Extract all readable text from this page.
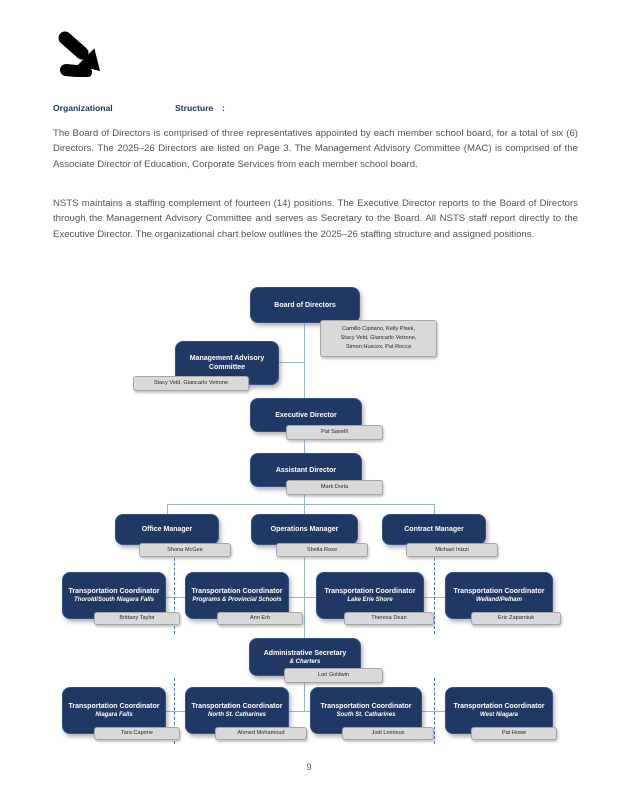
Organizational	Structure :

The Board of Directors is comprised of three representatives appointed by each member school board, for a total of six (6) Directors. The 2025–26 Directors are listed on Page 3. The Management Advisory Committee (MAC) is comprised of the Associate Director of Education, Corporate Services from each member school board.

NSTS maintains a staffing complement of fourteen (14) positions. The Executive Director reports to the Board of Directors through the Management Advisory Committee and serves as Secretary to the Board. All NSTS staff report directly to the Executive Director. The organizational chart below outlines the 2025–26 staffing structure and assigned positions.

Board of Directors
Camillo Cipriano, Kelly Pisek,
Stacy Veld, Giancarlo Vetrone,
Simon Huscox, Pat Rocca
Management Advisory Committee
Stacy Veld, Giancarlo Vetrone
Executive Director
Pat Sanelli
Assistant Director
Mark Dorla
Office Manager
Shona McGee
Operations Manager
Sheila Rose
Contract Manager
Michael Inizzi
Transportation Coordinator
Thorold/South Niagara Falls
Brittany Taylor
Transportation Coordinator
Programs & Provincial Schools
Ann Erb
Transportation Coordinator
Lake Erie Shore
Theresa Dean
Transportation Coordinator
Welland/Pelham
Eric Zaparniuk
Administrative Secretary
& Charters
Lori Goldwin
Transportation Coordinator
Niagara Falls
Tara Capone
Transportation Coordinator
North St. Catharines
Ahmed Mohamoud
Transportation Coordinator
South St. Catharines
Jodi Lemieux
Transportation Coordinator
West Niagara
Pat Howe
9
